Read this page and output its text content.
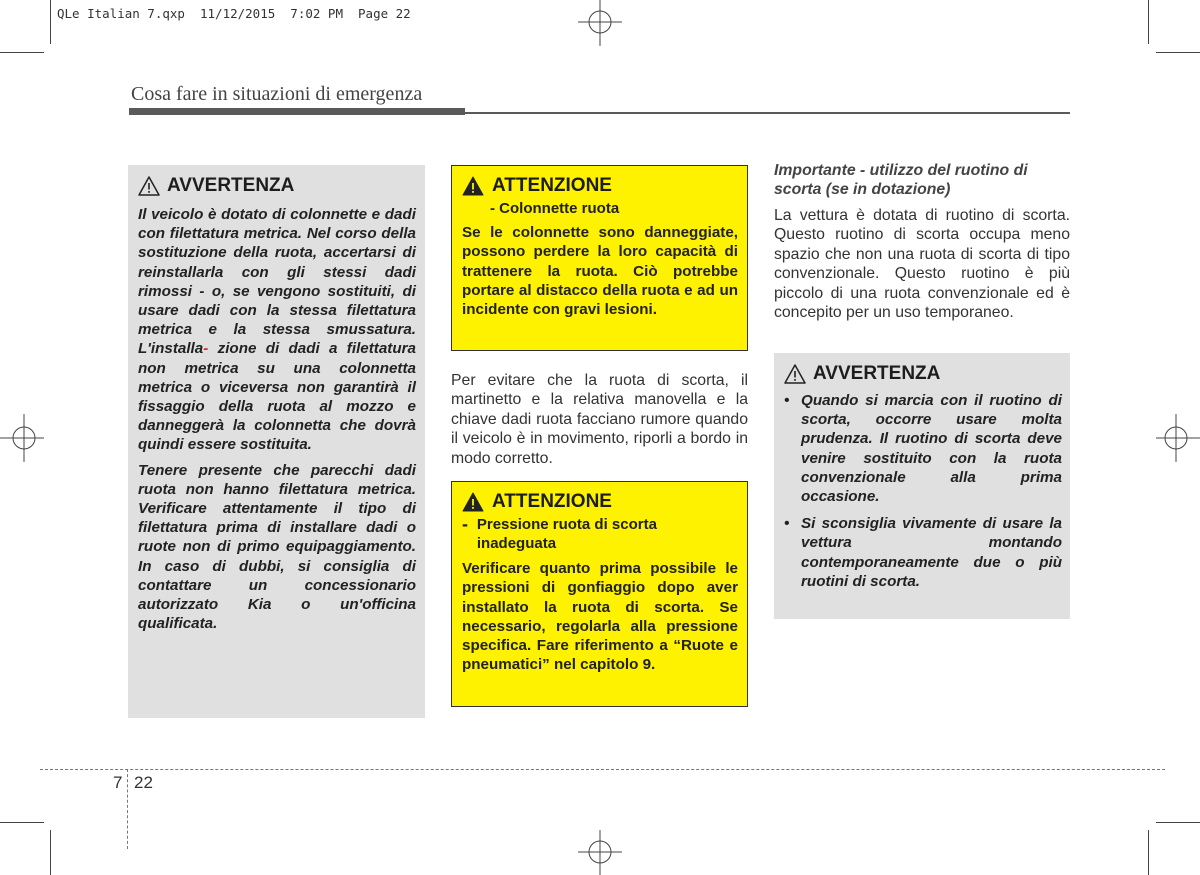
QLe Italian 7.qxp  11/12/2015  7:02 PM  Page 22
Cosa fare in situazioni di emergenza
AVVERTENZA

Il veicolo è dotato di colonnette e dadi con filettatura metrica. Nel corso della sostituzione della ruota, accertarsi di reinstallarla con gli stessi dadi rimossi - o, se vengono sostituiti, di usare dadi con la stessa filettatura metrica e la stessa smussatura. L'installa- zione di dadi a filettatura non metrica su una colonnetta metrica o viceversa non garantirà il fissaggio della ruota al mozzo e danneggerà la colonnetta che dovrà quindi essere sostituita.

Tenere presente che parecchi dadi ruota non hanno filettatura metrica. Verificare attentamente il tipo di filettatura prima di installare dadi o ruote non di primo equipaggiamento. In caso di dubbi, si consiglia di contattare un concessionario autorizzato Kia o un'officina qualificata.

ATTENZIONE
- Colonnette ruota
Se le colonnette sono danneggiate, possono perdere la loro capacità di trattenere la ruota. Ciò potrebbe portare al distacco della ruota e ad un incidente con gravi lesioni.
Per evitare che la ruota di scorta, il martinetto e la relativa manovella e la chiave dadi ruota facciano rumore quando il veicolo è in movimento, riporli a bordo in modo corretto.
ATTENZIONE
- Pressione ruota di scorta inadeguata
Verificare quanto prima possibile le pressioni di gonfiaggio dopo aver installato la ruota di scorta. Se necessario, regolarla alla pressione specifica. Fare riferimento a “Ruote e pneumatici” nel capitolo 9.
Importante - utilizzo del ruotino di scorta (se in dotazione)
La vettura è dotata di ruotino di scorta. Questo ruotino di scorta occupa meno spazio che non una ruota di scorta di tipo convenzionale. Questo ruotino è più piccolo di una ruota convenzionale ed è concepito per un uso temporaneo.
AVVERTENZA
• Quando si marcia con il ruotino di scorta, occorre usare molta prudenza. Il ruotino di scorta deve venire sostituito con la ruota convenzionale alla prima occasione.
• Si sconsiglia vivamente di usare la vettura montando contemporaneamente due o più ruotini di scorta.
7 22
